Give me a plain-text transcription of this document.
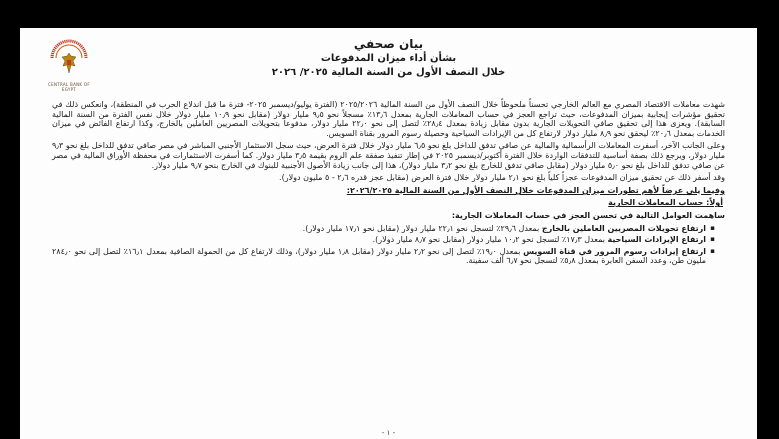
CENTRAL BANK OF EGYPT
بيان صحفي
بشأن أداء ميزان المدفوعات
خلال النصف الأول من السنة المالية ٢٠٢٥/ ٢٠٢٦

شهدت معاملات الاقتصاد المصري مع العالم الخارجي تحسناً ملحوظاً خلال النصف الأول من السنة المالية ٢٠٢٥/٢٠٢٦ (الفترة يوليو/ديسمبر ٢٠٢٥- فترة ما قبل اندلاع الحرب في المنطقة)، وانعكس ذلك في تحقيق مؤشرات إيجابية بميزان المدفوعات، حيث تراجع العجز في حساب المعاملات الجارية بمعدل ١٣٫٦٪ مسجلاً نحو ٩٫٥ مليار دولار (مقابل نحو ١٠٫٩ مليار دولار خلال نفس الفترة من السنة المالية السابقة). ويعزى هذا إلى تحقيق صافي التحويلات الجارية بدون مقابل زيادة بمعدل ٢٨٫٤٪ لتصل إلى نحو ٢٢٫٠ مليار دولار، مدفوعاً بتحويلات المصريين العاملين بالخارج، وكذا ارتفاع الفائض في ميزان الخدمات بمعدل ٢٠٫٦٪ ليحقق نحو ٨٫٩ مليار دولار لارتفاع كل من الإيرادات السياحية وحصيلة رسوم المرور بقناة السويس.

وعلى الجانب الآخر، أسفرت المعاملات الرأسمالية والمالية عن صافي تدفق للداخل بلغ نحو ٦٫٥ مليار دولار خلال فترة العرض، حيث سجل الاستثمار الأجنبي المباشر في مصر صافي تدفق للداخل بلغ نحو ٩٫٣ مليار دولار، ويرجع ذلك بصفة أساسية للتدفقات الواردة خلال الفترة أكتوبر/ديسمبر ٢٠٢٥ في إطار تنفيذ صفقة علم الروم بقيمة ٣٫٥ مليار دولار. كما أسفرت الاستثمارات في محفظة الأوراق المالية في مصر عن صافي تدفق للداخل بلغ نحو ٥٫٠ مليار دولار (مقابل صافي تدفق للخارج بلغ نحو ٣٫٢ مليار دولار)، هذا إلى جانب زيادة الأصول الأجنبية للبنوك في الخارج بنحو ٩٫٧ مليار دولار.

وقد أسفر ذلك عن تحقيق ميزان المدفوعات عجزاً كلياً بلغ نحو ٢٫١ مليار دولار خلال فترة العرض (مقابل عجز قدره ٢٫٦ - ٥ مليون دولار).

وفيما يلي عرضاً لأهم تطورات ميزان المدفوعات خلال النصف الأول من السنة المالية ٢٠٢٦/٢٠٢٥:
أولاً: حساب المعاملات الجارية
ساهمت العوامل التالية في تحسن العجز في حساب المعاملات الجارية:
▪ ارتفاع تحويلات المصريين العاملين بالخارج بمعدل ٢٩٫٦٪ لتسجل نحو ٢٢٫١ مليار دولار (مقابل نحو ١٧٫١ مليار دولار).
▪ ارتفاع الإيرادات السياحية بمعدل ١٧٫٣٪ لتسجل نحو ١٠٫٢ مليار دولار (مقابل نحو ٨٫٧ مليار دولار).
▪ ارتفاع إيرادات رسوم المرور في قناة السويس بمعدل ١٩٫٠٪ لتصل إلى نحو ٢٫٢ مليار دولار (مقابل ١٫٨ مليار دولار)، وذلك لارتفاع كل من الحمولة الصافية بمعدل ١٦٫١٪ لتصل إلى نحو ٢٨٤٫٠ مليون طن، وعدد السفن العابرة بمعدل ٥٫٨٪ لتسجل نحو ٦٫٧ ألف سفينة.
- ١ -
